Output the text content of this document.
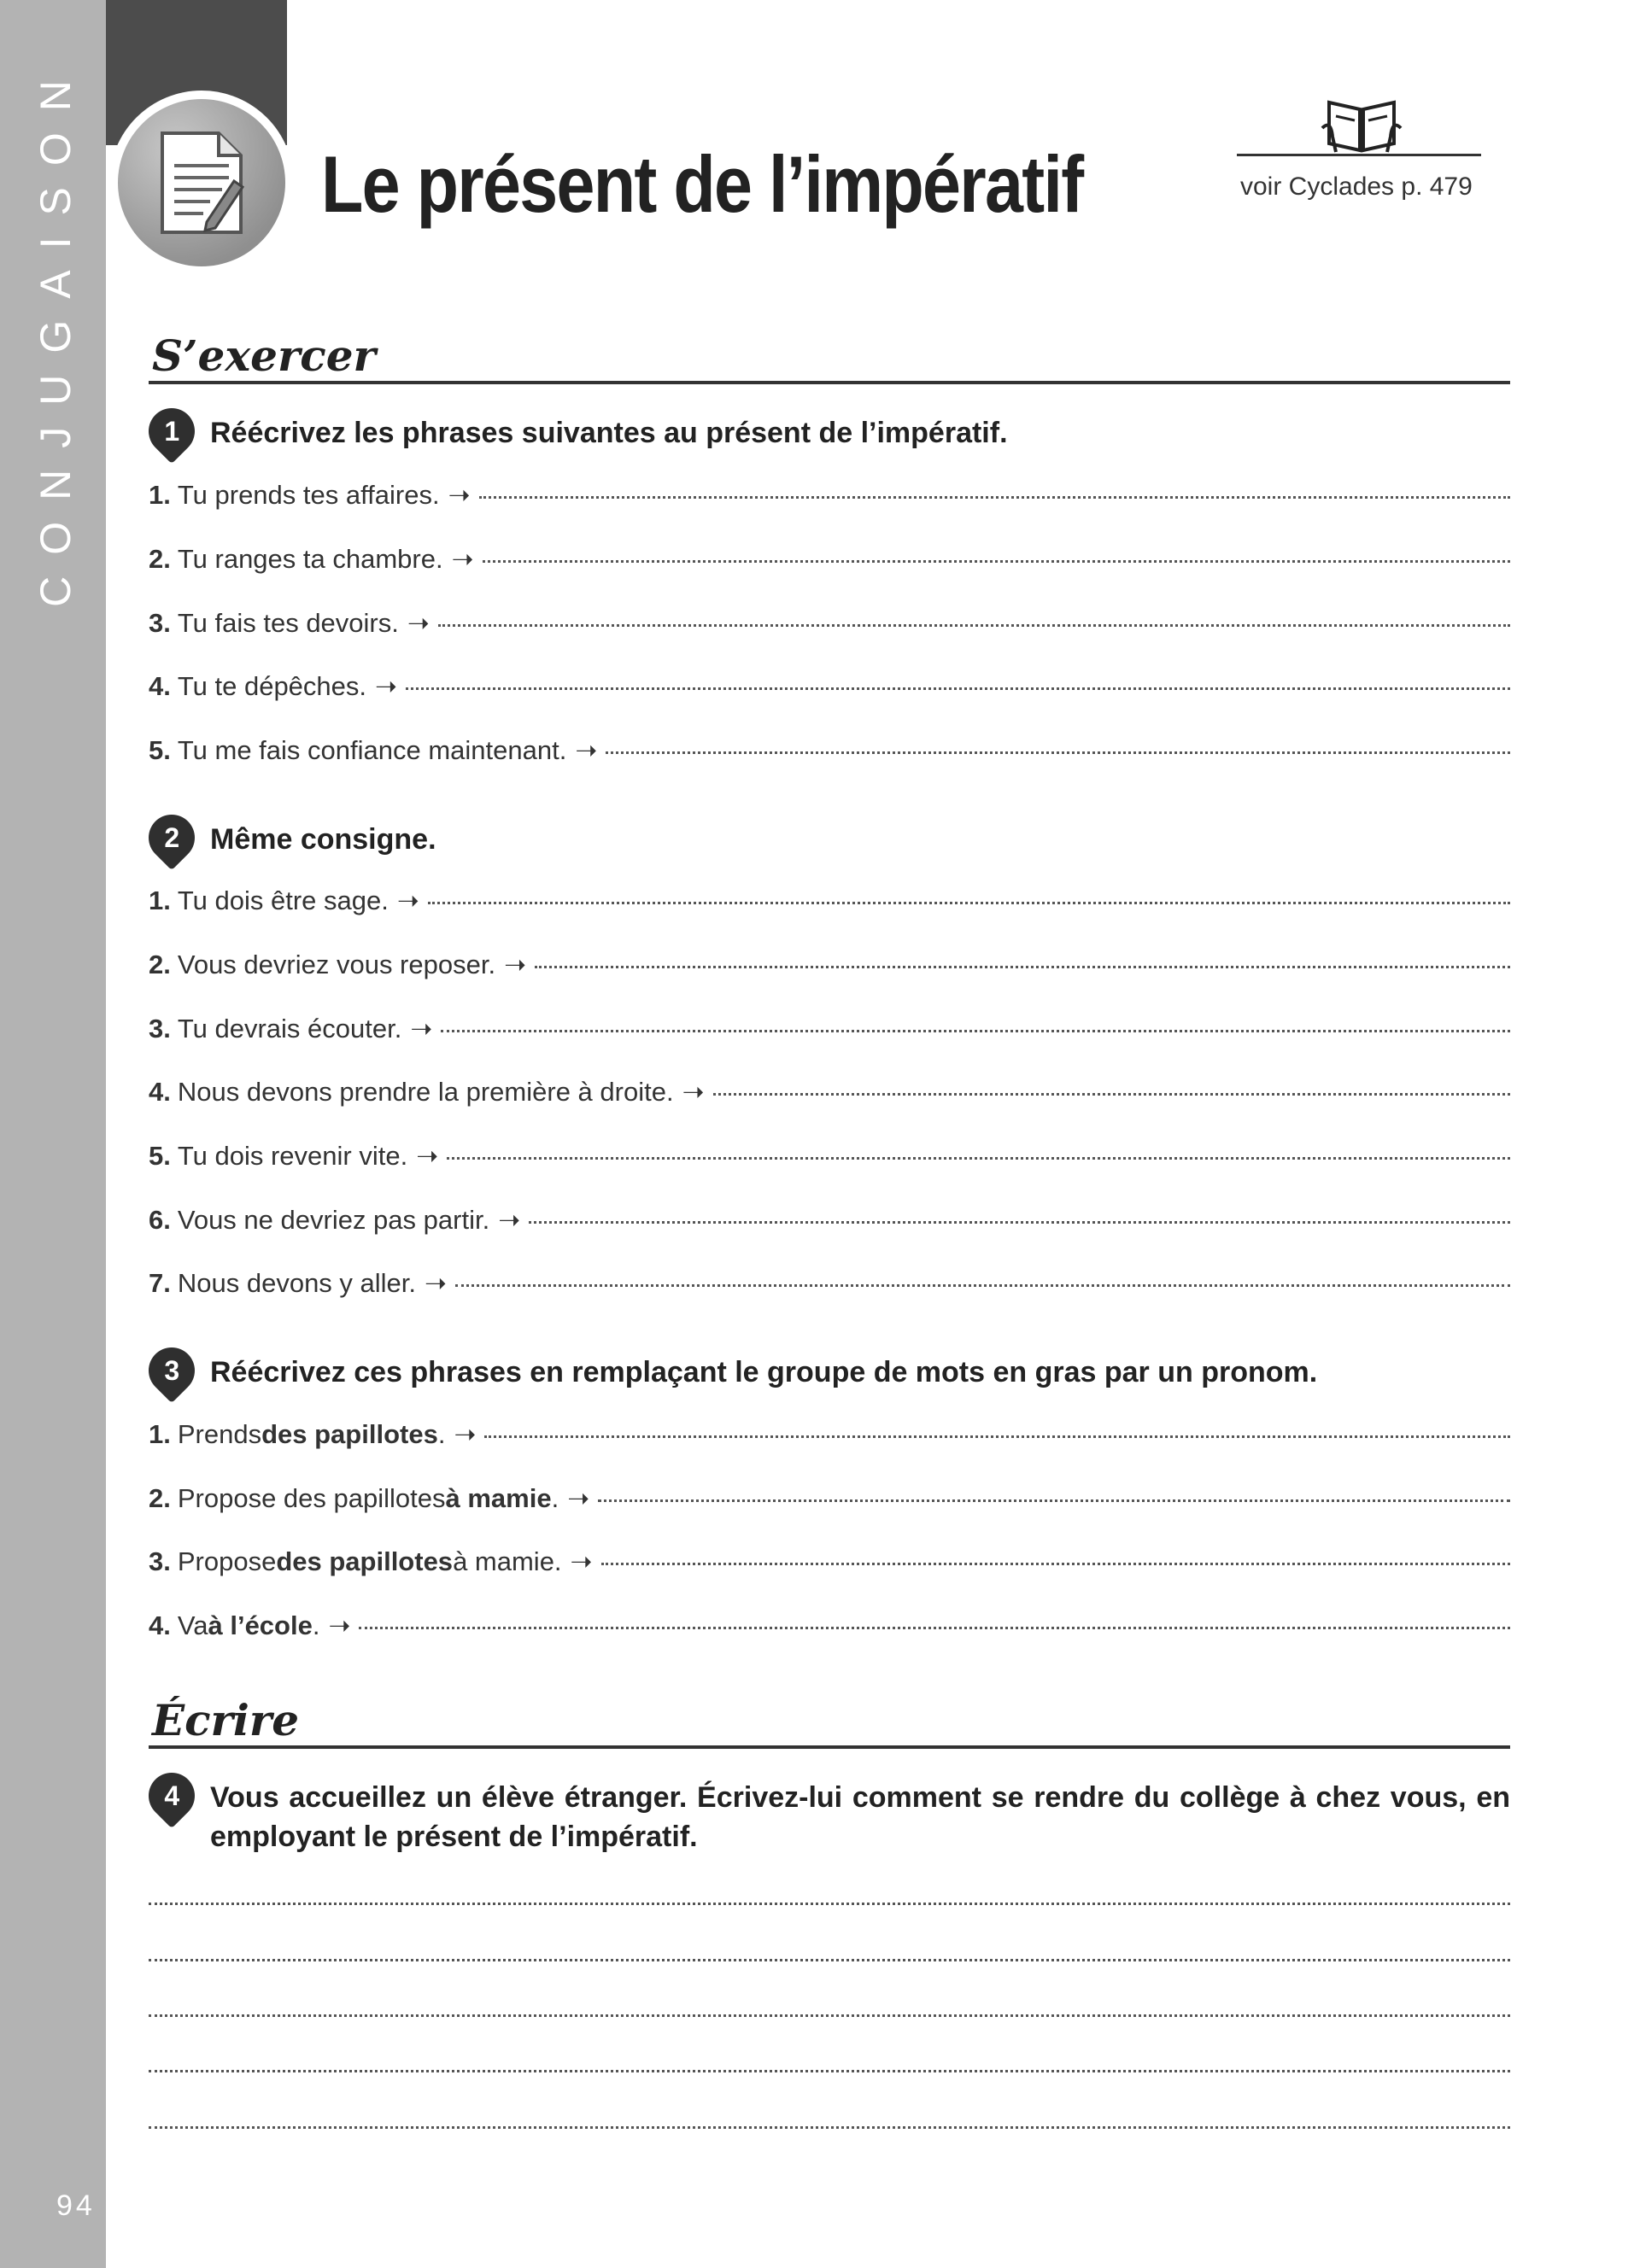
CONJUGAISON
94
Le présent de l’impératif	voir Cyclades p. 479
S’exercer
1 Réécrivez les phrases suivantes au présent de l’impératif.
1. Tu prends tes affaires. ➝
2. Tu ranges ta chambre. ➝
3. Tu fais tes devoirs. ➝
4. Tu te dépêches. ➝
5. Tu me fais confiance maintenant. ➝
2 Même consigne.
1. Tu dois être sage. ➝
2. Vous devriez vous reposer. ➝
3. Tu devrais écouter. ➝
4. Nous devons prendre la première à droite. ➝
5. Tu dois revenir vite. ➝
6. Vous ne devriez pas partir. ➝
7. Nous devons y aller. ➝
3 Réécrivez ces phrases en remplaçant le groupe de mots en gras par un pronom.
1. Prends des papillotes . ➝
2. Propose des papillotes à mamie . ➝
3. Propose des papillotes à mamie. ➝
4. Va à l’école . ➝
Écrire
4 Vous accueillez un élève étranger. Écrivez-lui comment se rendre du collège à chez vous, en employant le présent de l’impératif.
